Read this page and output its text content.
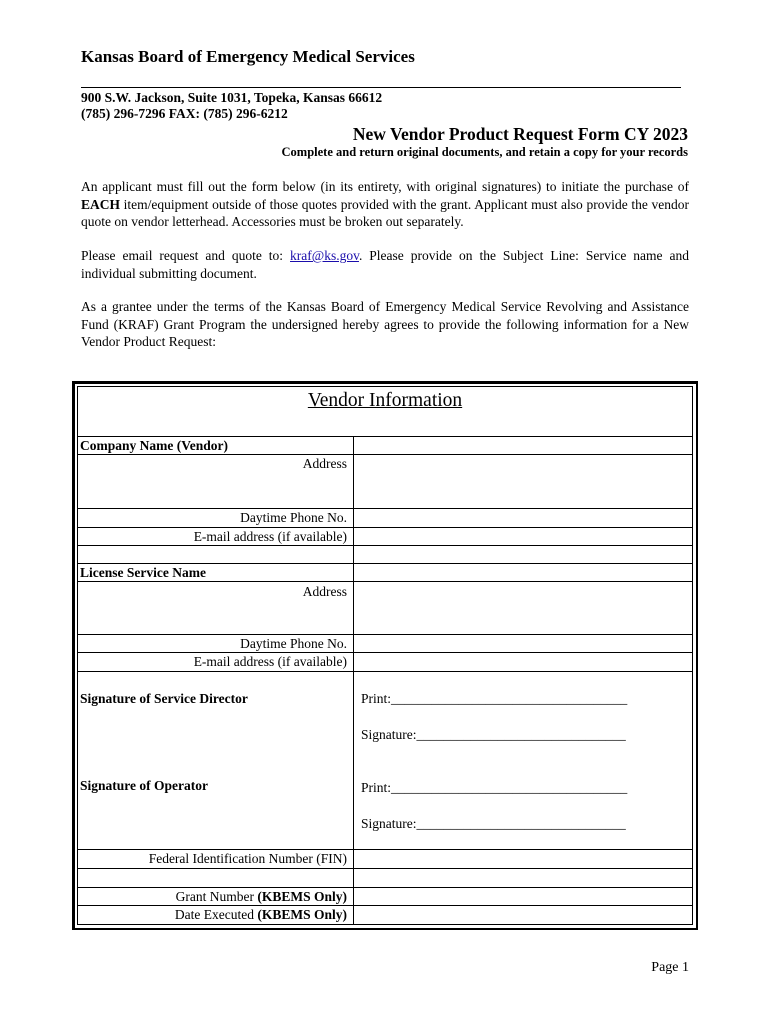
Kansas Board of Emergency Medical Services
900 S.W. Jackson, Suite 1031, Topeka, Kansas 66612
(785) 296-7296 FAX: (785) 296-6212
New Vendor Product Request Form CY 2023
Complete and return original documents, and retain a copy for your records
An applicant must fill out the form below (in its entirety, with original signatures) to initiate the purchase of EACH item/equipment outside of those quotes provided with the grant. Applicant must also provide the vendor quote on vendor letterhead. Accessories must be broken out separately.
Please email request and quote to: kraf@ks.gov. Please provide on the Subject Line: Service name and individual submitting document.
As a grantee under the terms of the Kansas Board of Emergency Medical Service Revolving and Assistance Fund (KRAF) Grant Program the undersigned hereby agrees to provide the following information for a New Vendor Product Request:
Vendor Information
Company Name (Vendor)
Address
Daytime Phone No.
E-mail address (if available)
License Service Name
Address
Daytime Phone No.
E-mail address (if available)
Signature of Service Director	Print:___________________________________
Signature:_______________________________
Signature of Operator	Print:___________________________________
Signature:_______________________________
Federal Identification Number (FIN)
Grant Number (KBEMS Only)
Date Executed (KBEMS Only)
Page 1
